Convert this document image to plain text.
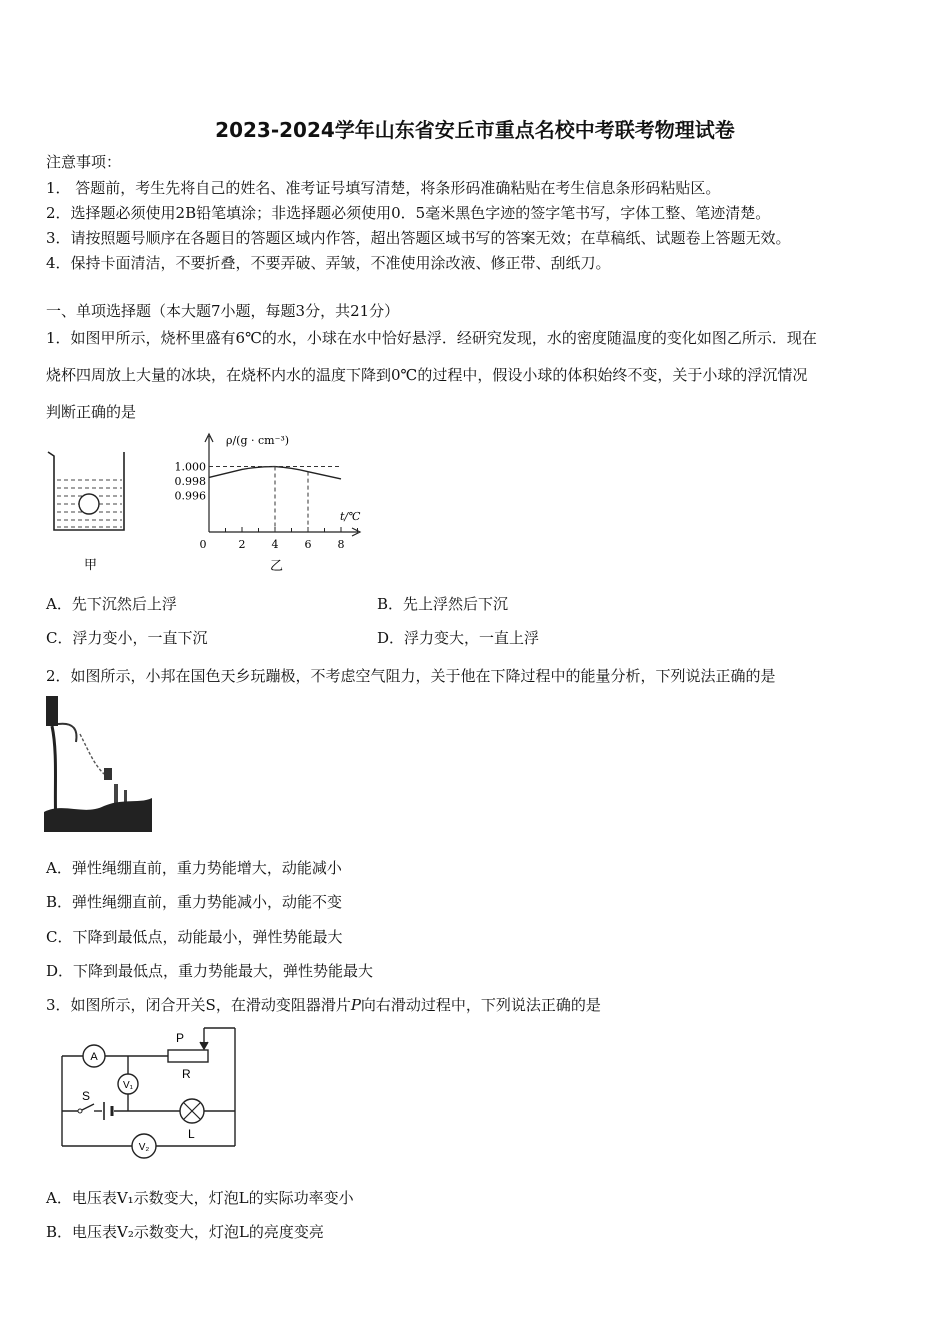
2023-2024学年山东省安丘市重点名校中考联考物理试卷
注意事项：
1． 答题前，考生先将自己的姓名、准考证号填写清楚，将条形码准确粘贴在考生信息条形码粘贴区。
2．选择题必须使用2B铅笔填涂；非选择题必须使用0．5毫米黑色字迹的签字笔书写，字体工整、笔迹清楚。
3．请按照题号顺序在各题目的答题区域内作答，超出答题区域书写的答案无效；在草稿纸、试题卷上答题无效。
4．保持卡面清洁，不要折叠，不要弄破、弄皱，不准使用涂改液、修正带、刮纸刀。
一、单项选择题（本大题7小题，每题3分，共21分）
1．如图甲所示，烧杯里盛有6℃的水，小球在水中恰好悬浮．经研究发现，水的密度随温度的变化如图乙所示．现在
烧杯四周放上大量的冰块，在烧杯内水的温度下降到0℃的过程中，假设小球的体积始终不变，关于小球的浮沉情况
判断正确的是
甲
0	2 4 6 8
1.000
0.998
0.996
ρ/(g · cm⁻³)
t/℃
乙
A．先下沉然后上浮	B．先上浮然后下沉
C．浮力变小，一直下沉	D．浮力变大，一直上浮
2．如图所示，小邦在国色天乡玩蹦极，不考虑空气阻力，关于他在下降过程中的能量分析，下列说法正确的是
A．弹性绳绷直前，重力势能增大，动能减小
B．弹性绳绷直前，重力势能减小，动能不变
C．下降到最低点，动能最小，弹性势能最大
D．下降到最低点，重力势能最大，弹性势能最大
3．如图所示，闭合开关S，在滑动变阻器滑片P向右滑动过程中，下列说法正确的是
A
V₁
V₂
P
R
S
L
A．电压表V₁示数变大，灯泡L的实际功率变小
B．电压表V₂示数变大，灯泡L的亮度变亮
